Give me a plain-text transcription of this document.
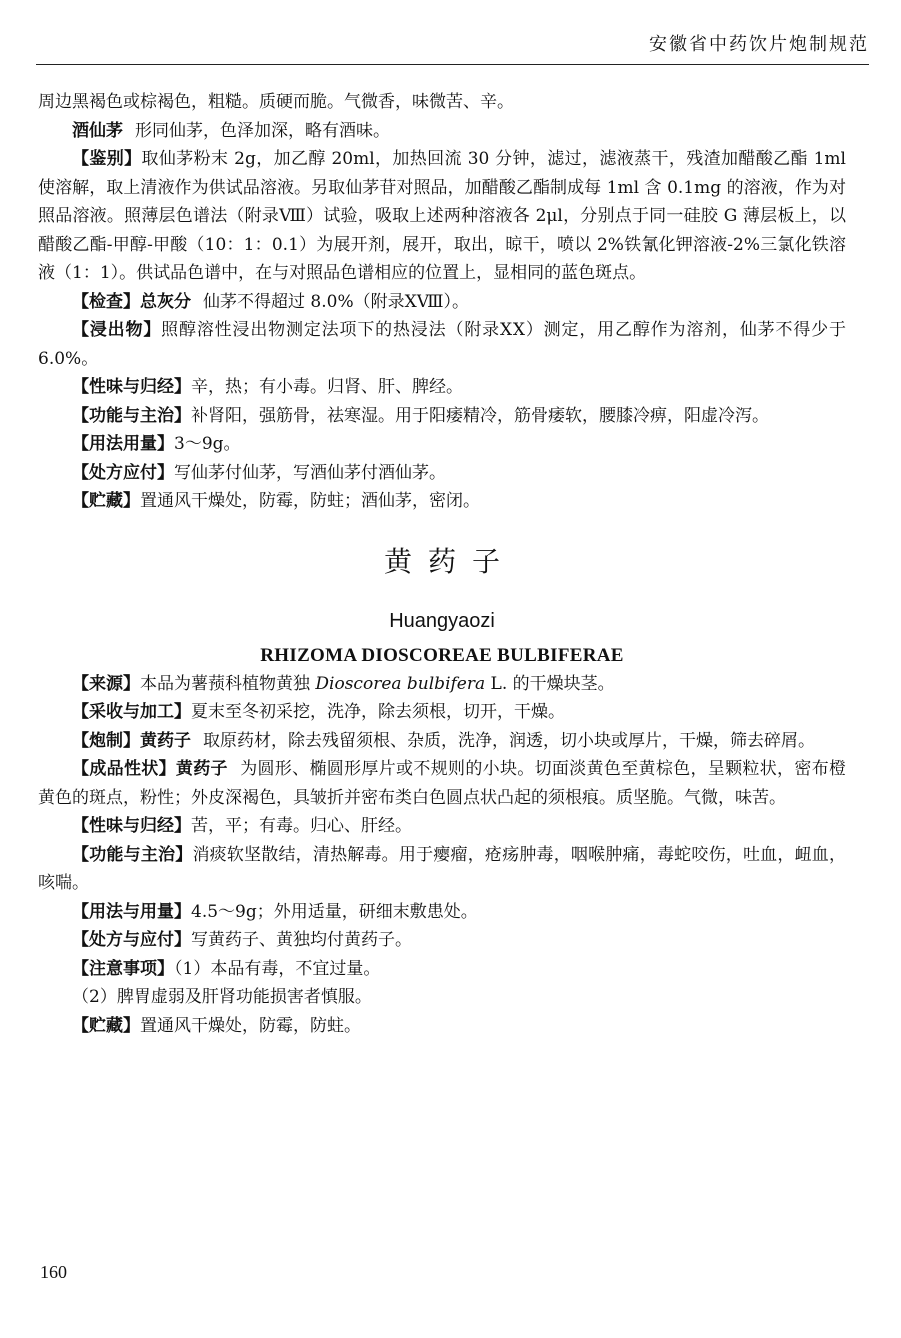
安徽省中药饮片炮制规范

周边黑褐色或棕褐色，粗糙。质硬而脆。气微香，味微苦、辛。

酒仙茅 形同仙茅，色泽加深，略有酒味。

【鉴别】取仙茅粉末 2g，加乙醇 20ml，加热回流 30 分钟，滤过，滤液蒸干，残渣加醋酸乙酯 1ml 使溶解，取上清液作为供试品溶液。另取仙茅苷对照品，加醋酸乙酯制成每 1ml 含 0.1mg 的溶液，作为对照品溶液。照薄层色谱法（附录Ⅷ）试验，吸取上述两种溶液各 2μl，分别点于同一硅胶 G 薄层板上，以醋酸乙酯-甲醇-甲酸（10：1：0.1）为展开剂，展开，取出，晾干，喷以 2%铁氰化钾溶液-2%三氯化铁溶液（1：1）。供试品色谱中，在与对照品色谱相应的位置上，显相同的蓝色斑点。

【检查】总灰分 仙茅不得超过 8.0%（附录ⅩⅧ）。

【浸出物】照醇溶性浸出物测定法项下的热浸法（附录ⅩⅩ）测定，用乙醇作为溶剂，仙茅不得少于 6.0%。

【性味与归经】辛，热；有小毒。归肾、肝、脾经。

【功能与主治】补肾阳，强筋骨，祛寒湿。用于阳痿精冷，筋骨痿软，腰膝冷痹，阳虚冷泻。

【用法用量】3～9g。

【处方应付】写仙茅付仙茅，写酒仙茅付酒仙茅。

【贮藏】置通风干燥处，防霉，防蛀；酒仙茅，密闭。

黄药子
Huangyaozi
RHIZOMA DIOSCOREAE BULBIFERAE

【来源】本品为薯蓣科植物黄独 Dioscorea bulbifera L. 的干燥块茎。

【采收与加工】夏末至冬初采挖，洗净，除去须根，切开，干燥。

【炮制】黄药子 取原药材，除去残留须根、杂质，洗净，润透，切小块或厚片，干燥，筛去碎屑。

【成品性状】黄药子 为圆形、椭圆形厚片或不规则的小块。切面淡黄色至黄棕色，呈颗粒状，密布橙黄色的斑点，粉性；外皮深褐色，具皱折并密布类白色圆点状凸起的须根痕。质坚脆。气微，味苦。

【性味与归经】苦，平；有毒。归心、肝经。

【功能与主治】消痰软坚散结，清热解毒。用于瘿瘤，疮疡肿毒，咽喉肿痛，毒蛇咬伤，吐血，衄血，咳喘。

【用法与用量】4.5～9g；外用适量，研细末敷患处。

【处方与应付】写黄药子、黄独均付黄药子。

【注意事项】（1）本品有毒，不宜过量。

（2）脾胃虚弱及肝肾功能损害者慎服。

【贮藏】置通风干燥处，防霉，防蛀。

160
